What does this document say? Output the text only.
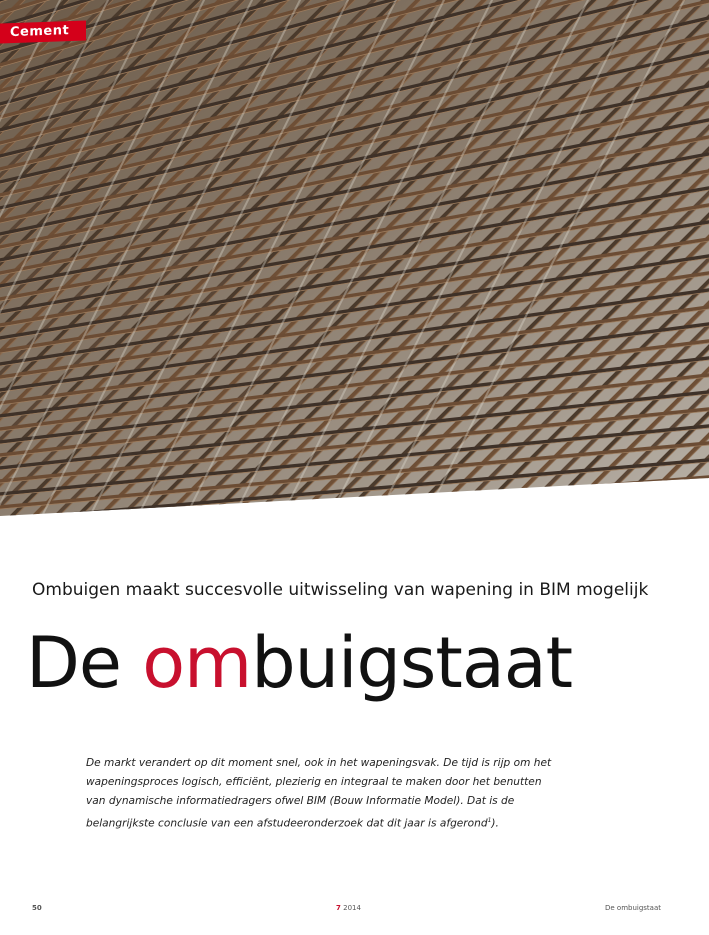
Cement
Ombuigen maakt succesvolle uitwisseling van wapening in BIM mogelijk
De ombuigstaat
De markt verandert op dit moment snel, ook in het wapeningsvak. De tijd is rijp om het wapeningsproces logisch, efficiënt, plezierig en integraal te maken door het benutten van dynamische informatiedragers ofwel BIM (Bouw Informatie Model). Dat is de belangrijkste conclusie van een afstudeeronderzoek dat dit jaar is afgerond$^1$).
50	7 2014	De ombuigstaat
